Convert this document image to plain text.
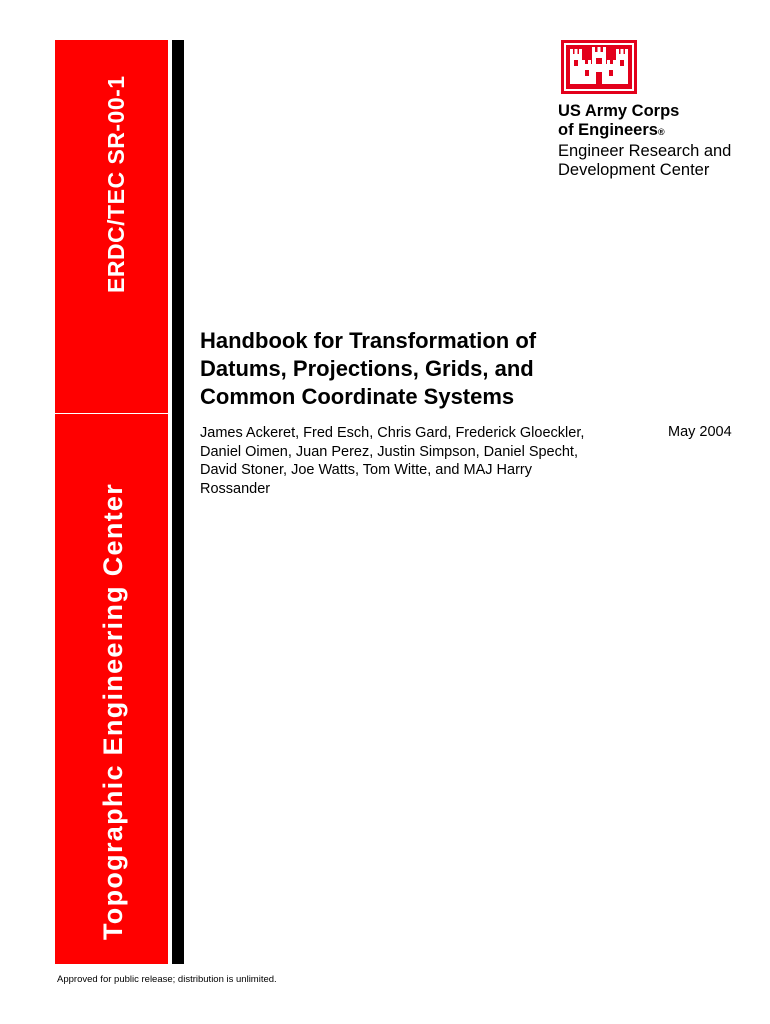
ERDC/TEC SR-00-1
Topographic Engineering Center
US Army Corps
of Engineers®
Engineer Research and
Development Center
Handbook for Transformation of
Datums, Projections, Grids, and
Common Coordinate Systems
James Ackeret, Fred Esch, Chris Gard, Frederick Gloeckler,
Daniel Oimen, Juan Perez, Justin Simpson, Daniel Specht,
David Stoner, Joe Watts, Tom Witte, and MAJ Harry
Rossander
May 2004
Approved for public release; distribution is unlimited.
